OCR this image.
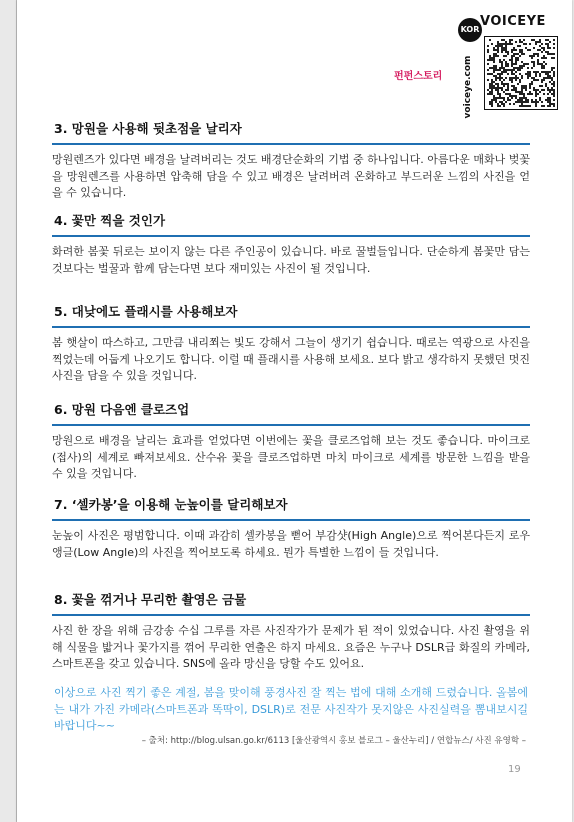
KOR
VOICEYE
voiceye.com
펀펀스토리
3. 망원을 사용해 뒷초점을 날리자
망원렌즈가 있다면 배경을 날려버리는 것도 배경단순화의 기법 중 하나입니다. 아름다운 매화나 벚꽃을 망원렌즈를 사용하면 압축해 담을 수 있고 배경은 날려버려 온화하고 부드러운 느낌의 사진을 얻을 수 있습니다.
4. 꽃만 찍을 것인가
화려한 봄꽃 뒤로는 보이지 않는 다른 주인공이 있습니다. 바로 꿀벌들입니다. 단순하게 봄꽃만 담는 것보다는 벌꿀과 함께 담는다면 보다 재미있는 사진이 될 것입니다.
5. 대낮에도 플래시를 사용해보자
봄 햇살이 따스하고, 그만큼 내리쬐는 빛도 강해서 그늘이 생기기 쉽습니다. 때로는 역광으로 사진을 찍었는데 어둡게 나오기도 합니다. 이럴 때 플래시를 사용해 보세요. 보다 밝고 생각하지 못했던 멋진 사진을 담을 수 있을 것입니다.
6. 망원 다음엔 클로즈업
망원으로 배경을 날리는 효과를 얻었다면 이번에는 꽃을 클로즈업해 보는 것도 좋습니다. 마이크로(접사)의 세계로 빠져보세요. 산수유 꽃을 클로즈업하면 마치 마이크로 세계를 방문한 느낌을 받을 수 있을 것입니다.
7. ‘셀카봉’을 이용해 눈높이를 달리해보자
눈높이 사진은 평범합니다. 이때 과감히 셀카봉을 뻗어 부감샷(High Angle)으로 찍어본다든지 로우 앵글(Low Angle)의 사진을 찍어보도록 하세요. 뭔가 특별한 느낌이 들 것입니다.
8. 꽃을 꺾거나 무리한 촬영은 금물
사진 한 장을 위해 금강송 수십 그루를 자른 사진작가가 문제가 된 적이 있었습니다. 사진 촬영을 위해 식물을 밟거나 꽃가지를 꺾어 무리한 연출은 하지 마세요. 요즘은 누구나 DSLR급 화질의 카메라, 스마트폰을 갖고 있습니다. SNS에 올라 망신을 당할 수도 있어요.
이상으로 사진 찍기 좋은 계절, 봄을 맞이해 풍경사진 잘 찍는 법에 대해 소개해 드렸습니다. 올봄에는 내가 가진 카메라(스마트폰과 똑딱이, DSLR)로 전문 사진작가 못지않은 사진실력을 뽐내보시길 바랍니다~~
– 출처: http://blog.ulsan.go.kr/6113 [울산광역시 홍보 블로그 – 울산누리] / 연합뉴스/ 사진 유영학 –
19
